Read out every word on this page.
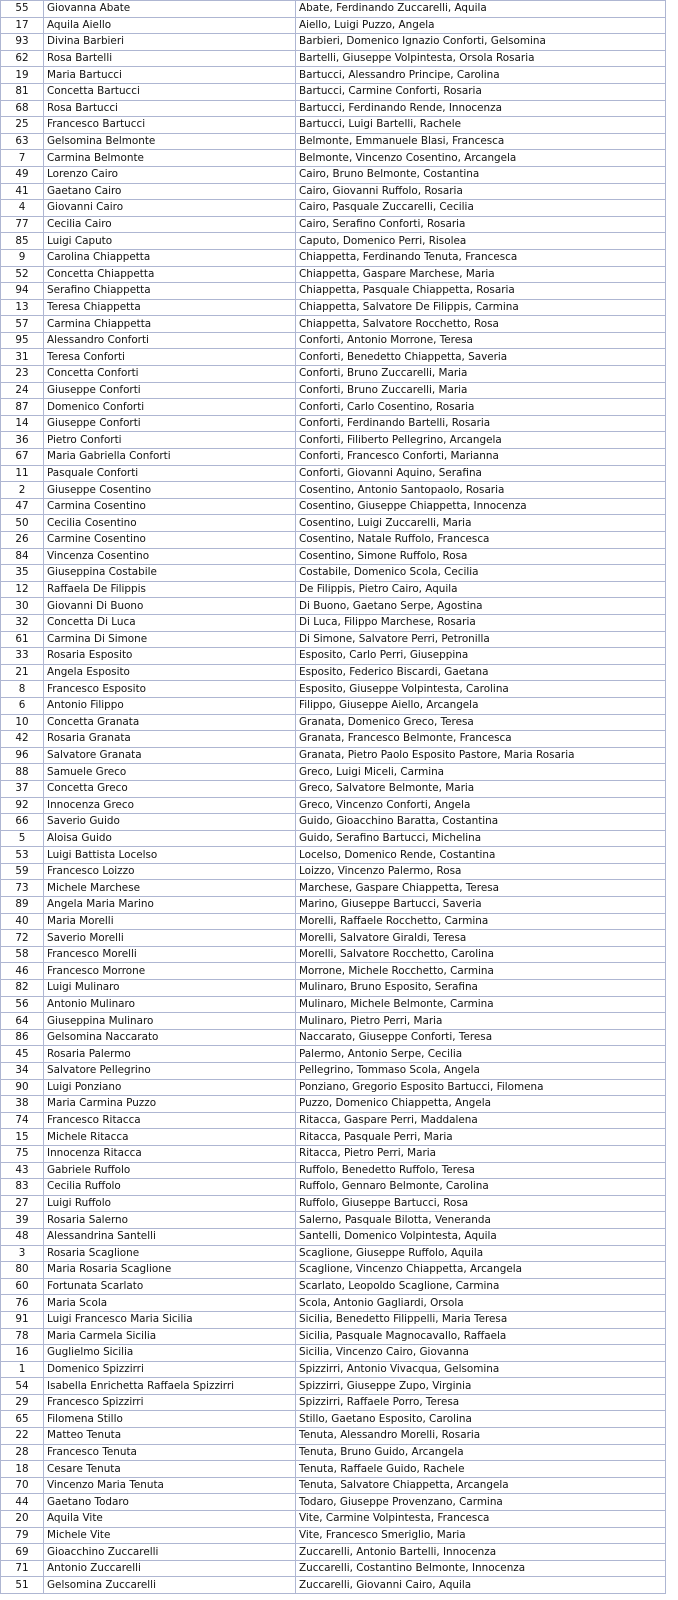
55	Giovanna Abate	Abate, Ferdinando Zuccarelli, Aquila
17	Aquila Aiello	Aiello, Luigi Puzzo, Angela
93	Divina Barbieri	Barbieri, Domenico Ignazio Conforti, Gelsomina
62	Rosa Bartelli	Bartelli, Giuseppe Volpintesta, Orsola Rosaria
19	Maria Bartucci	Bartucci, Alessandro Principe, Carolina
81	Concetta Bartucci	Bartucci, Carmine Conforti, Rosaria
68	Rosa Bartucci	Bartucci, Ferdinando Rende, Innocenza
25	Francesco Bartucci	Bartucci, Luigi Bartelli, Rachele
63	Gelsomina Belmonte	Belmonte, Emmanuele Blasi, Francesca
7	Carmina Belmonte	Belmonte, Vincenzo Cosentino, Arcangela
49	Lorenzo Cairo	Cairo, Bruno Belmonte, Costantina
41	Gaetano Cairo	Cairo, Giovanni Ruffolo, Rosaria
4	Giovanni Cairo	Cairo, Pasquale Zuccarelli, Cecilia
77	Cecilia Cairo	Cairo, Serafino Conforti, Rosaria
85	Luigi Caputo	Caputo, Domenico Perri, Risolea
9	Carolina Chiappetta	Chiappetta, Ferdinando Tenuta, Francesca
52	Concetta Chiappetta	Chiappetta, Gaspare Marchese, Maria
94	Serafino Chiappetta	Chiappetta, Pasquale Chiappetta, Rosaria
13	Teresa Chiappetta	Chiappetta, Salvatore De Filippis, Carmina
57	Carmina Chiappetta	Chiappetta, Salvatore Rocchetto, Rosa
95	Alessandro Conforti	Conforti, Antonio Morrone, Teresa
31	Teresa Conforti	Conforti, Benedetto Chiappetta, Saveria
23	Concetta Conforti	Conforti, Bruno Zuccarelli, Maria
24	Giuseppe Conforti	Conforti, Bruno Zuccarelli, Maria
87	Domenico Conforti	Conforti, Carlo Cosentino, Rosaria
14	Giuseppe Conforti	Conforti, Ferdinando Bartelli, Rosaria
36	Pietro Conforti	Conforti, Filiberto Pellegrino, Arcangela
67	Maria Gabriella Conforti	Conforti, Francesco Conforti, Marianna
11	Pasquale Conforti	Conforti, Giovanni Aquino, Serafina
2	Giuseppe Cosentino	Cosentino, Antonio Santopaolo, Rosaria
47	Carmina Cosentino	Cosentino, Giuseppe Chiappetta, Innocenza
50	Cecilia Cosentino	Cosentino, Luigi Zuccarelli, Maria
26	Carmine Cosentino	Cosentino, Natale Ruffolo, Francesca
84	Vincenza Cosentino	Cosentino, Simone Ruffolo, Rosa
35	Giuseppina Costabile	Costabile, Domenico Scola, Cecilia
12	Raffaela De Filippis	De Filippis, Pietro Cairo, Aquila
30	Giovanni Di Buono	Di Buono, Gaetano Serpe, Agostina
32	Concetta Di Luca	Di Luca, Filippo Marchese, Rosaria
61	Carmina Di Simone	Di Simone, Salvatore Perri, Petronilla
33	Rosaria Esposito	Esposito, Carlo Perri, Giuseppina
21	Angela Esposito	Esposito, Federico Biscardi, Gaetana
8	Francesco Esposito	Esposito, Giuseppe Volpintesta, Carolina
6	Antonio Filippo	Filippo, Giuseppe Aiello, Arcangela
10	Concetta Granata	Granata, Domenico Greco, Teresa
42	Rosaria Granata	Granata, Francesco Belmonte, Francesca
96	Salvatore Granata	Granata, Pietro Paolo Esposito Pastore, Maria Rosaria
88	Samuele Greco	Greco, Luigi Miceli, Carmina
37	Concetta Greco	Greco, Salvatore Belmonte, Maria
92	Innocenza Greco	Greco, Vincenzo Conforti, Angela
66	Saverio Guido	Guido, Gioacchino Baratta, Costantina
5	Aloisa Guido	Guido, Serafino Bartucci, Michelina
53	Luigi Battista Locelso	Locelso, Domenico Rende, Costantina
59	Francesco Loizzo	Loizzo, Vincenzo Palermo, Rosa
73	Michele Marchese	Marchese, Gaspare Chiappetta, Teresa
89	Angela Maria Marino	Marino, Giuseppe Bartucci, Saveria
40	Maria Morelli	Morelli, Raffaele Rocchetto, Carmina
72	Saverio Morelli	Morelli, Salvatore Giraldi, Teresa
58	Francesco Morelli	Morelli, Salvatore Rocchetto, Carolina
46	Francesco Morrone	Morrone, Michele Rocchetto, Carmina
82	Luigi Mulinaro	Mulinaro, Bruno Esposito, Serafina
56	Antonio Mulinaro	Mulinaro, Michele Belmonte, Carmina
64	Giuseppina Mulinaro	Mulinaro, Pietro Perri, Maria
86	Gelsomina Naccarato	Naccarato, Giuseppe Conforti, Teresa
45	Rosaria Palermo	Palermo, Antonio Serpe, Cecilia
34	Salvatore Pellegrino	Pellegrino, Tommaso Scola, Angela
90	Luigi Ponziano	Ponziano, Gregorio Esposito Bartucci, Filomena
38	Maria Carmina Puzzo	Puzzo, Domenico Chiappetta, Angela
74	Francesco Ritacca	Ritacca, Gaspare Perri, Maddalena
15	Michele Ritacca	Ritacca, Pasquale Perri, Maria
75	Innocenza Ritacca	Ritacca, Pietro Perri, Maria
43	Gabriele Ruffolo	Ruffolo, Benedetto Ruffolo, Teresa
83	Cecilia Ruffolo	Ruffolo, Gennaro Belmonte, Carolina
27	Luigi Ruffolo	Ruffolo, Giuseppe Bartucci, Rosa
39	Rosaria Salerno	Salerno, Pasquale Bilotta, Veneranda
48	Alessandrina Santelli	Santelli, Domenico Volpintesta, Aquila
3	Rosaria Scaglione	Scaglione, Giuseppe Ruffolo, Aquila
80	Maria Rosaria Scaglione	Scaglione, Vincenzo Chiappetta, Arcangela
60	Fortunata Scarlato	Scarlato, Leopoldo Scaglione, Carmina
76	Maria Scola	Scola, Antonio Gagliardi, Orsola
91	Luigi Francesco Maria Sicilia	Sicilia, Benedetto Filippelli, Maria Teresa
78	Maria Carmela Sicilia	Sicilia, Pasquale Magnocavallo, Raffaela
16	Guglielmo Sicilia	Sicilia, Vincenzo Cairo, Giovanna
1	Domenico Spizzirri	Spizzirri, Antonio Vivacqua, Gelsomina
54	Isabella Enrichetta Raffaela Spizzirri	Spizzirri, Giuseppe Zupo, Virginia
29	Francesco Spizzirri	Spizzirri, Raffaele Porro, Teresa
65	Filomena Stillo	Stillo, Gaetano Esposito, Carolina
22	Matteo Tenuta	Tenuta, Alessandro Morelli, Rosaria
28	Francesco Tenuta	Tenuta, Bruno Guido, Arcangela
18	Cesare Tenuta	Tenuta, Raffaele Guido, Rachele
70	Vincenzo Maria Tenuta	Tenuta, Salvatore Chiappetta, Arcangela
44	Gaetano Todaro	Todaro, Giuseppe Provenzano, Carmina
20	Aquila Vite	Vite, Carmine Volpintesta, Francesca
79	Michele Vite	Vite, Francesco Smeriglio, Maria
69	Gioacchino Zuccarelli	Zuccarelli, Antonio Bartelli, Innocenza
71	Antonio Zuccarelli	Zuccarelli, Costantino Belmonte, Innocenza
51	Gelsomina Zuccarelli	Zuccarelli, Giovanni Cairo, Aquila
